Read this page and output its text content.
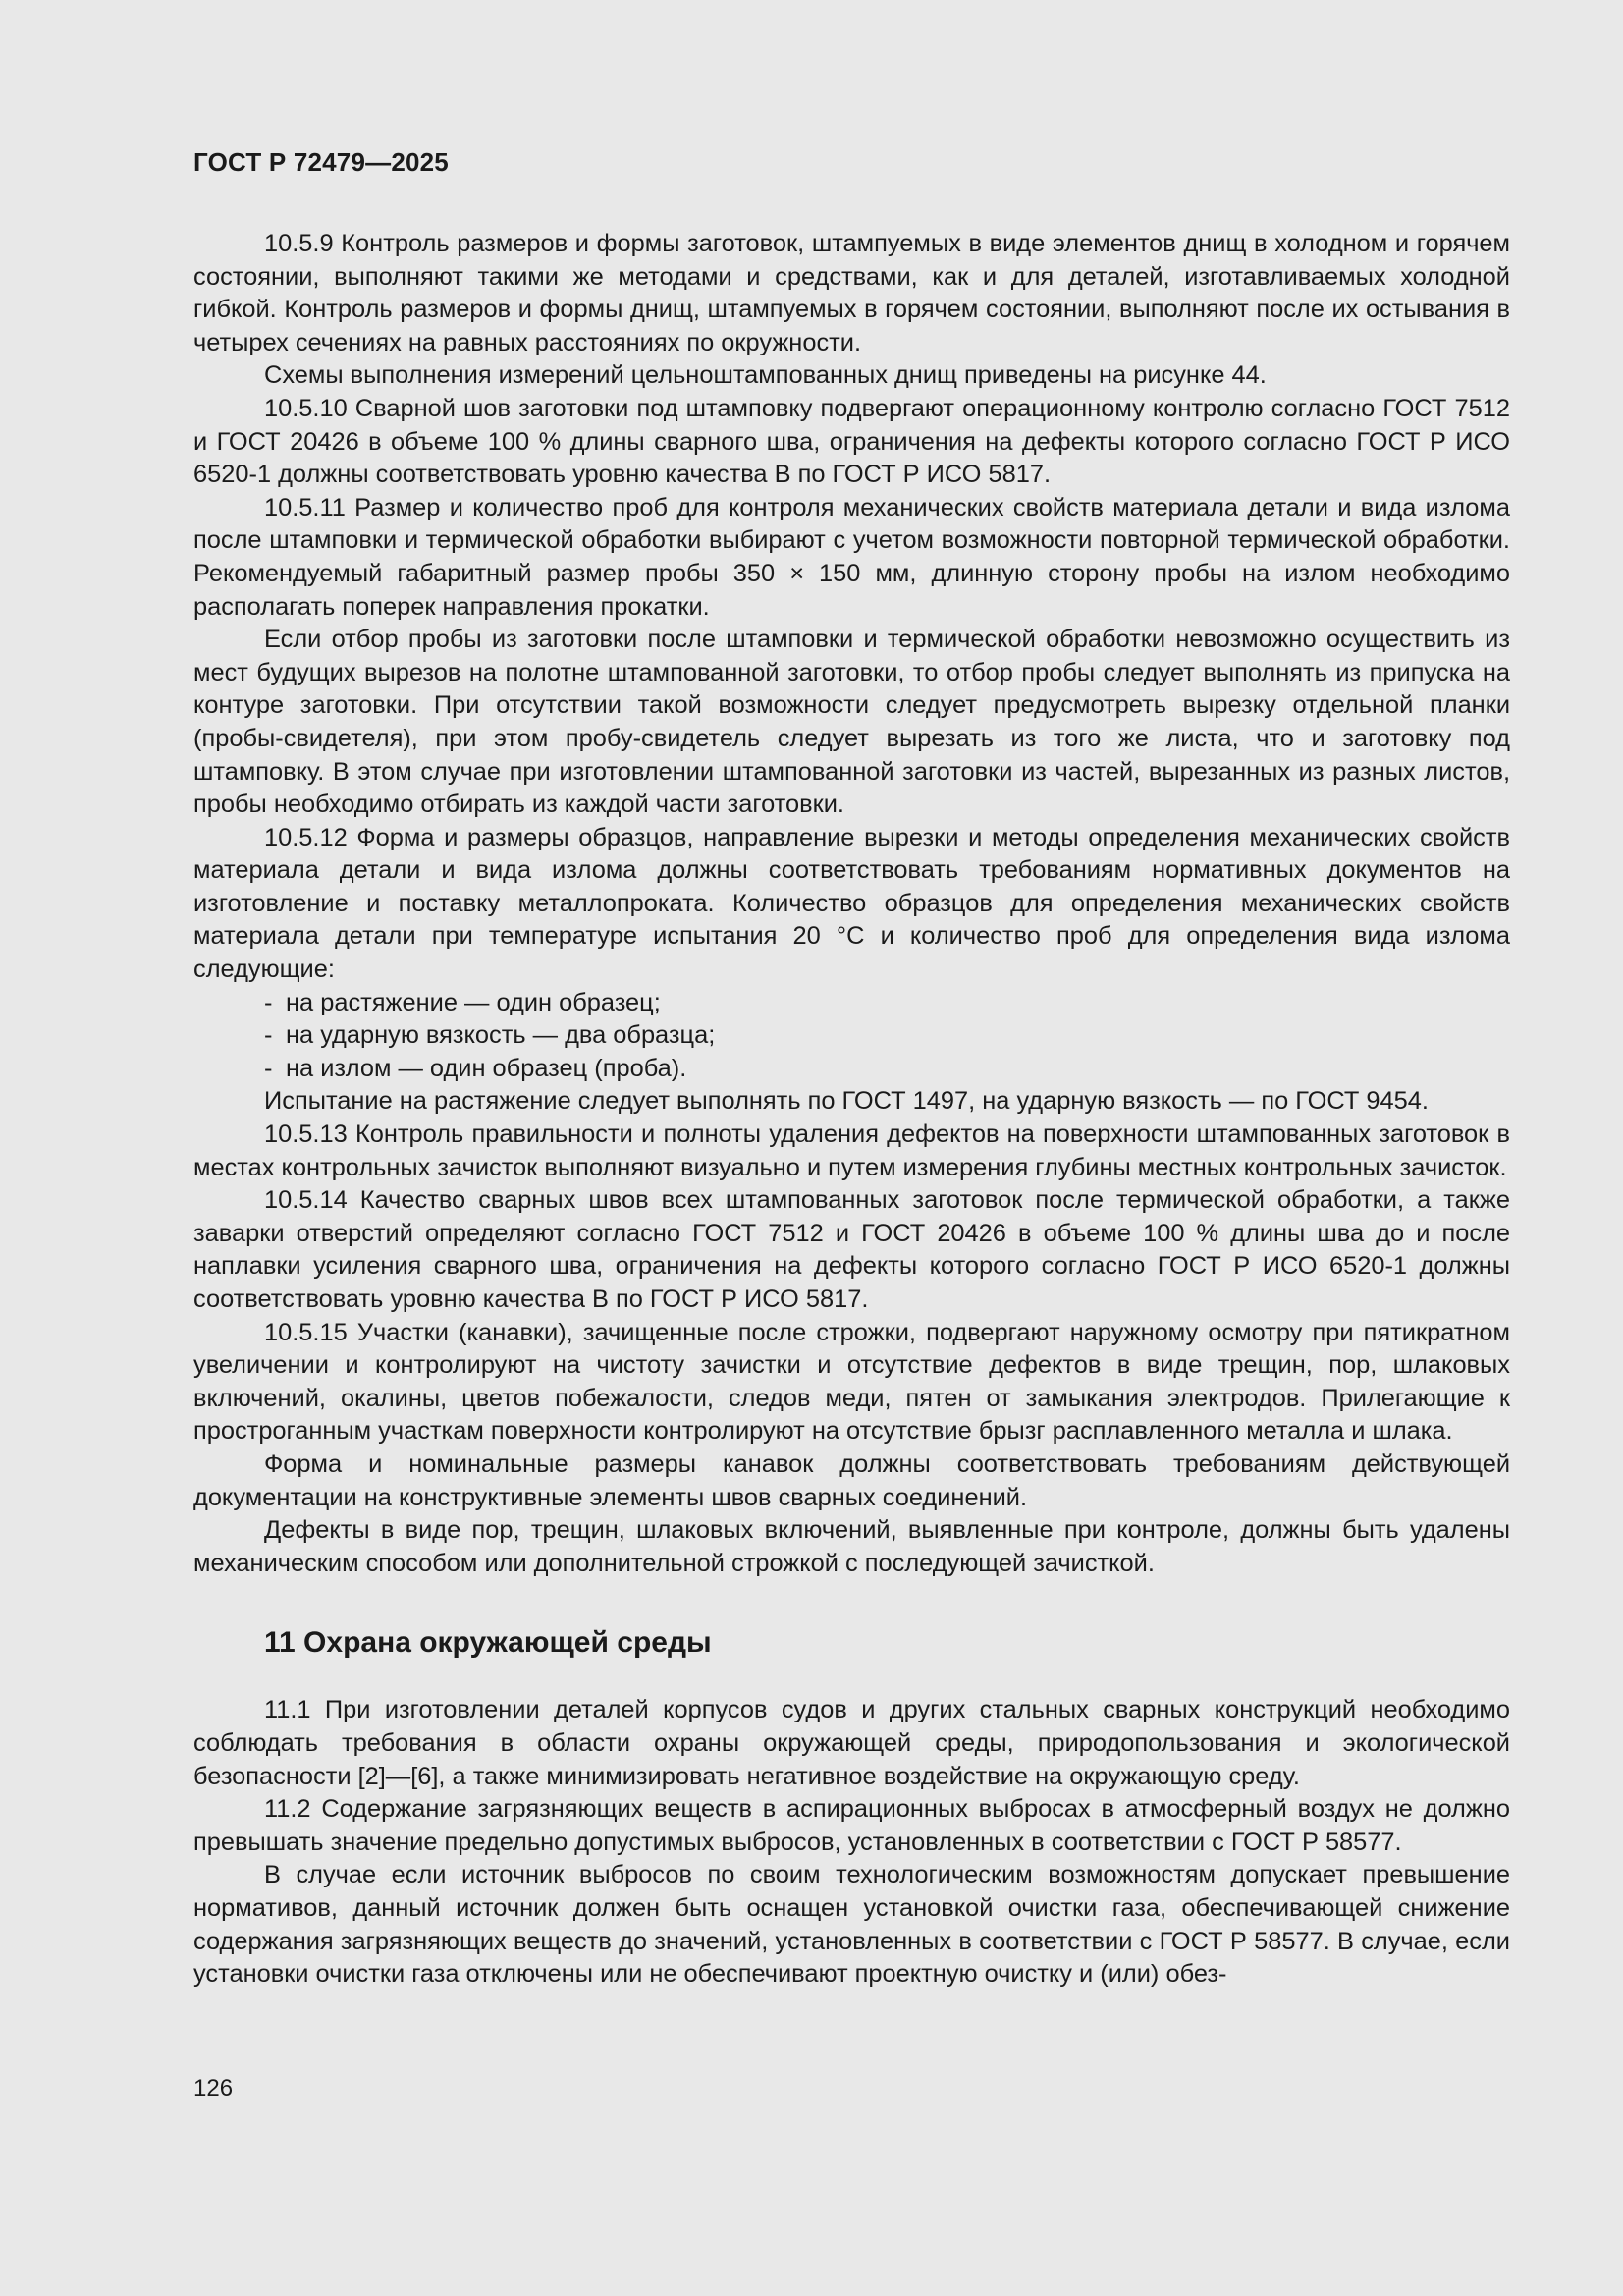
ГОСТ Р 72479—2025

10.5.9 Контроль размеров и формы заготовок, штампуемых в виде элементов днищ в холодном и горячем состоянии, выполняют такими же методами и средствами, как и для деталей, изготавливаемых холодной гибкой. Контроль размеров и формы днищ, штампуемых в горячем состоянии, выполняют после их остывания в четырех сечениях на равных расстояниях по окружности.

Схемы выполнения измерений цельноштампованных днищ приведены на рисунке 44.

10.5.10 Сварной шов заготовки под штамповку подвергают операционному контролю согласно ГОСТ 7512 и ГОСТ 20426 в объеме 100 % длины сварного шва, ограничения на дефекты которого согласно ГОСТ Р ИСО 6520-1 должны соответствовать уровню качества В по ГОСТ Р ИСО 5817.

10.5.11 Размер и количество проб для контроля механических свойств материала детали и вида излома после штамповки и термической обработки выбирают с учетом возможности повторной термической обработки. Рекомендуемый габаритный размер пробы 350 × 150 мм, длинную сторону пробы на излом необходимо располагать поперек направления прокатки.

Если отбор пробы из заготовки после штамповки и термической обработки невозможно осуществить из мест будущих вырезов на полотне штампованной заготовки, то отбор пробы следует выполнять из припуска на контуре заготовки. При отсутствии такой возможности следует предусмотреть вырезку отдельной планки (пробы-свидетеля), при этом пробу-свидетель следует вырезать из того же листа, что и заготовку под штамповку. В этом случае при изготовлении штампованной заготовки из частей, вырезанных из разных листов, пробы необходимо отбирать из каждой части заготовки.

10.5.12 Форма и размеры образцов, направление вырезки и методы определения механических свойств материала детали и вида излома должны соответствовать требованиям нормативных документов на изготовление и поставку металлопроката. Количество образцов для определения механических свойств материала детали при температуре испытания 20 °С и количество проб для определения вида излома следующие:

- на растяжение — один образец;

- на ударную вязкость — два образца;

- на излом — один образец (проба).

Испытание на растяжение следует выполнять по ГОСТ 1497, на ударную вязкость — по ГОСТ 9454.

10.5.13 Контроль правильности и полноты удаления дефектов на поверхности штампованных заготовок в местах контрольных зачисток выполняют визуально и путем измерения глубины местных контрольных зачисток.

10.5.14 Качество сварных швов всех штампованных заготовок после термической обработки, а также заварки отверстий определяют согласно ГОСТ 7512 и ГОСТ 20426 в объеме 100 % длины шва до и после наплавки усиления сварного шва, ограничения на дефекты которого согласно ГОСТ Р ИСО 6520-1 должны соответствовать уровню качества В по ГОСТ Р ИСО 5817.

10.5.15 Участки (канавки), зачищенные после строжки, подвергают наружному осмотру при пятикратном увеличении и контролируют на чистоту зачистки и отсутствие дефектов в виде трещин, пор, шлаковых включений, окалины, цветов побежалости, следов меди, пятен от замыкания электродов. Прилегающие к простроганным участкам поверхности контролируют на отсутствие брызг расплавленного металла и шлака.

Форма и номинальные размеры канавок должны соответствовать требованиям действующей документации на конструктивные элементы швов сварных соединений.

Дефекты в виде пор, трещин, шлаковых включений, выявленные при контроле, должны быть удалены механическим способом или дополнительной строжкой с последующей зачисткой.

11 Охрана окружающей среды

11.1 При изготовлении деталей корпусов судов и других стальных сварных конструкций необходимо соблюдать требования в области охраны окружающей среды, природопользования и экологической безопасности [2]—[6], а также минимизировать негативное воздействие на окружающую среду.

11.2 Содержание загрязняющих веществ в аспирационных выбросах в атмосферный воздух не должно превышать значение предельно допустимых выбросов, установленных в соответствии с ГОСТ Р 58577.

В случае если источник выбросов по своим технологическим возможностям допускает превышение нормативов, данный источник должен быть оснащен установкой очистки газа, обеспечивающей снижение содержания загрязняющих веществ до значений, установленных в соответствии с ГОСТ Р 58577. В случае, если установки очистки газа отключены или не обеспечивают проектную очистку и (или) обез-

126
